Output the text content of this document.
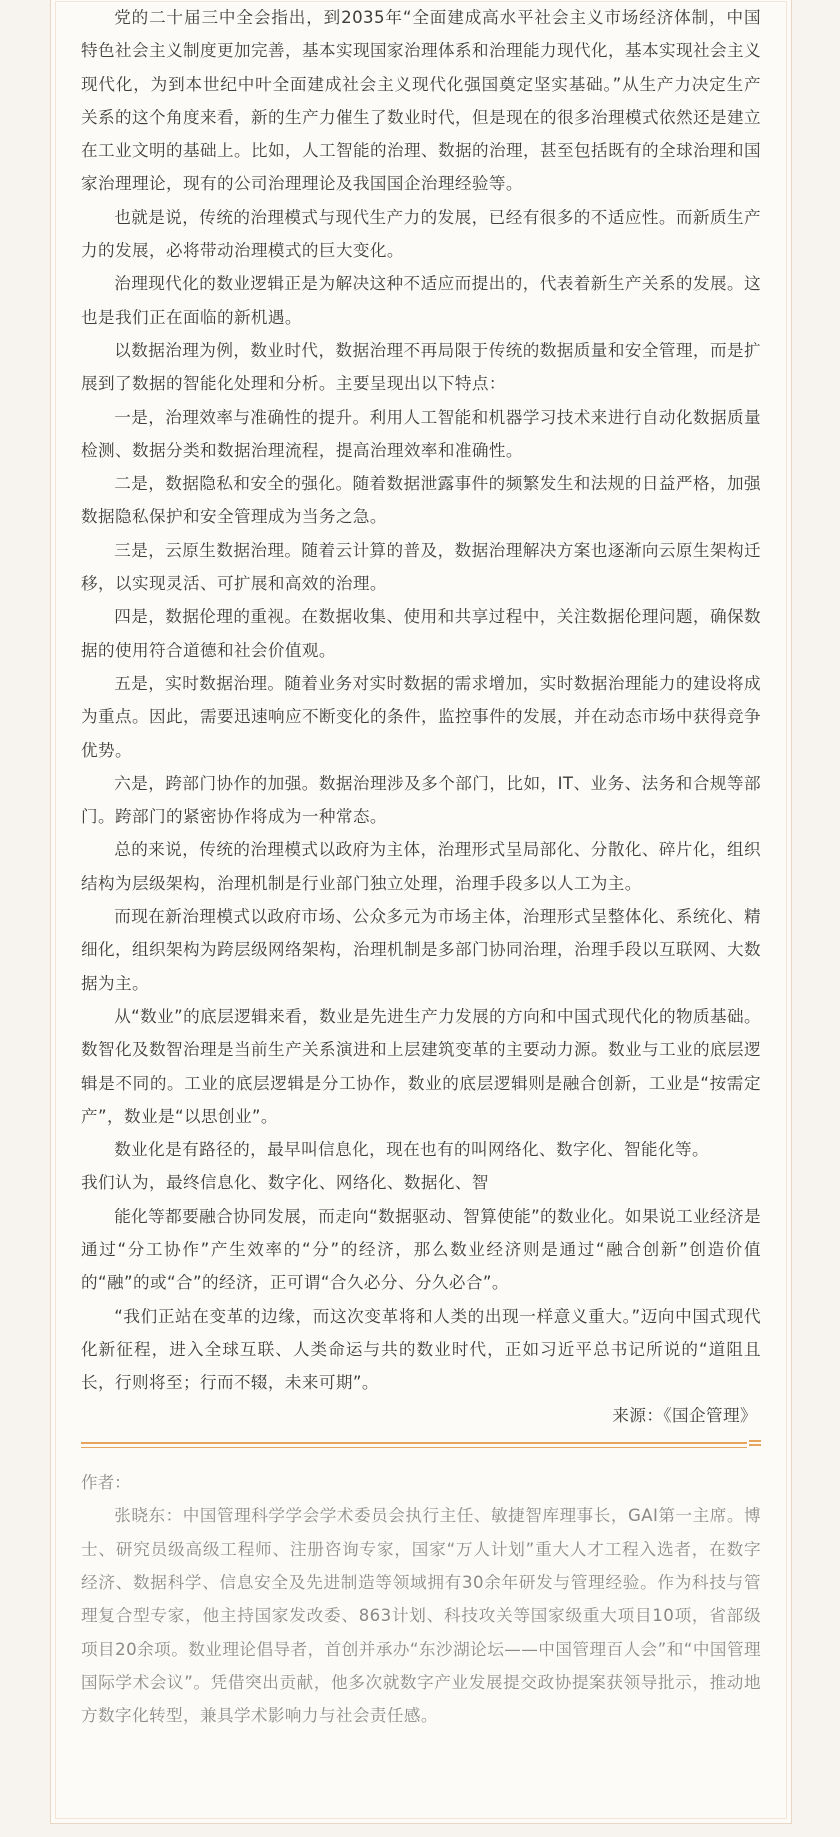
党的二十届三中全会指出，到2035年“全面建成高水平社会主义市场经济体制，中国特色社会主义制度更加完善，基本实现国家治理体系和治理能力现代化，基本实现社会主义现代化，为到本世纪中叶全面建成社会主义现代化强国奠定坚实基础。”从生产力决定生产关系的这个角度来看，新的生产力催生了数业时代，但是现在的很多治理模式依然还是建立在工业文明的基础上。比如，人工智能的治理、数据的治理，甚至包括既有的全球治理和国家治理理论，现有的公司治理理论及我国国企治理经验等。

也就是说，传统的治理模式与现代生产力的发展，已经有很多的不适应性。而新质生产力的发展，必将带动治理模式的巨大变化。

治理现代化的数业逻辑正是为解决这种不适应而提出的，代表着新生产关系的发展。这也是我们正在面临的新机遇。

以数据治理为例，数业时代，数据治理不再局限于传统的数据质量和安全管理，而是扩展到了数据的智能化处理和分析。主要呈现出以下特点：

一是，治理效率与准确性的提升。利用人工智能和机器学习技术来进行自动化数据质量检测、数据分类和数据治理流程，提高治理效率和准确性。

二是，数据隐私和安全的强化。随着数据泄露事件的频繁发生和法规的日益严格，加强数据隐私保护和安全管理成为当务之急。

三是，云原生数据治理。随着云计算的普及，数据治理解决方案也逐渐向云原生架构迁移，以实现灵活、可扩展和高效的治理。

四是，数据伦理的重视。在数据收集、使用和共享过程中，关注数据伦理问题，确保数据的使用符合道德和社会价值观。

五是，实时数据治理。随着业务对实时数据的需求增加，实时数据治理能力的建设将成为重点。因此，需要迅速响应不断变化的条件，监控事件的发展，并在动态市场中获得竞争优势。

六是，跨部门协作的加强。数据治理涉及多个部门，比如，IT、业务、法务和合规等部门。跨部门的紧密协作将成为一种常态。

总的来说，传统的治理模式以政府为主体，治理形式呈局部化、分散化、碎片化，组织结构为层级架构，治理机制是行业部门独立处理，治理手段多以人工为主。

而现在新治理模式以政府市场、公众多元为市场主体，治理形式呈整体化、系统化、精细化，组织架构为跨层级网络架构，治理机制是多部门协同治理，治理手段以互联网、大数据为主。

从“数业”的底层逻辑来看，数业是先进生产力发展的方向和中国式现代化的物质基础。数智化及数智治理是当前生产关系演进和上层建筑变革的主要动力源。数业与工业的底层逻辑是不同的。工业的底层逻辑是分工协作，数业的底层逻辑则是融合创新，工业是“按需定产”，数业是“以思创业”。

数业化是有路径的，最早叫信息化，现在也有的叫网络化、数字化、智能化等。

我们认为，最终信息化、数字化、网络化、数据化、智

能化等都要融合协同发展，而走向“数据驱动、智算使能”的数业化。如果说工业经济是通过“分工协作”产生效率的“分”的经济，那么数业经济则是通过“融合创新”创造价值的“融”的或“合”的经济，正可谓“合久必分、分久必合”。

“我们正站在变革的边缘，而这次变革将和人类的出现一样意义重大。”迈向中国式现代化新征程，进入全球互联、人类命运与共的数业时代，正如习近平总书记所说的“道阻且长，行则将至；行而不辍，未来可期”。

来源：《国企管理》

作者：

张晓东：中国管理科学学会学术委员会执行主任、敏捷智库理事长，GAI第一主席。博士、研究员级高级工程师、注册咨询专家，国家“万人计划”重大人才工程入选者，在数字经济、数据科学、信息安全及先进制造等领域拥有30余年研发与管理经验。作为科技与管理复合型专家，他主持国家发改委、863计划、科技攻关等国家级重大项目10项，省部级项目20余项。数业理论倡导者，首创并承办“东沙湖论坛——中国管理百人会”和“中国管理国际学术会议”。凭借突出贡献，他多次就数字产业发展提交政协提案获领导批示，推动地方数字化转型，兼具学术影响力与社会责任感。
